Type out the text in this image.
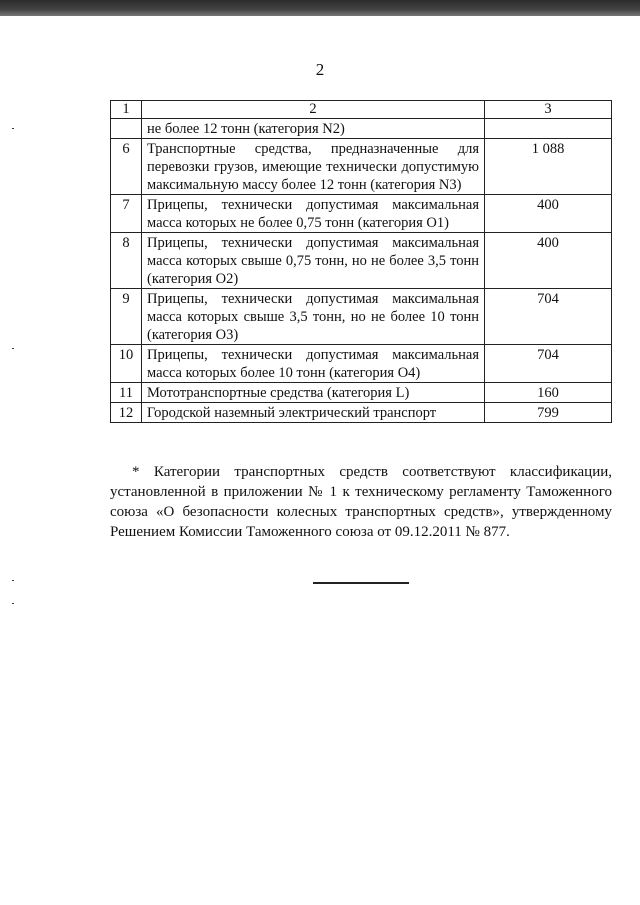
2
1	2	3
	не более 12 тонн (категория N2)	
6	Транспортные средства, предназначенные для перевозки грузов, имеющие технически допустимую максимальную массу более 12 тонн (категория N3)	1 088
7	Прицепы, технически допустимая максимальная масса которых не более 0,75 тонн (категория O1)	400
8	Прицепы, технически допустимая максимальная масса которых свыше 0,75 тонн, но не более 3,5 тонн (категория O2)	400
9	Прицепы, технически допустимая максимальная масса которых свыше 3,5 тонн, но не более 10 тонн (категория O3)	704
10	Прицепы, технически допустимая максимальная масса которых более 10 тонн (категория O4)	704
11	Мототранспортные средства (категория L)	160
12	Городской наземный электрический транспорт	799
* Категории транспортных средств соответствуют классификации, установленной в приложении № 1 к техническому регламенту Таможенного союза «О безопасности колесных транспортных средств», утвержденному Решением Комиссии Таможенного союза от 09.12.2011 № 877.
